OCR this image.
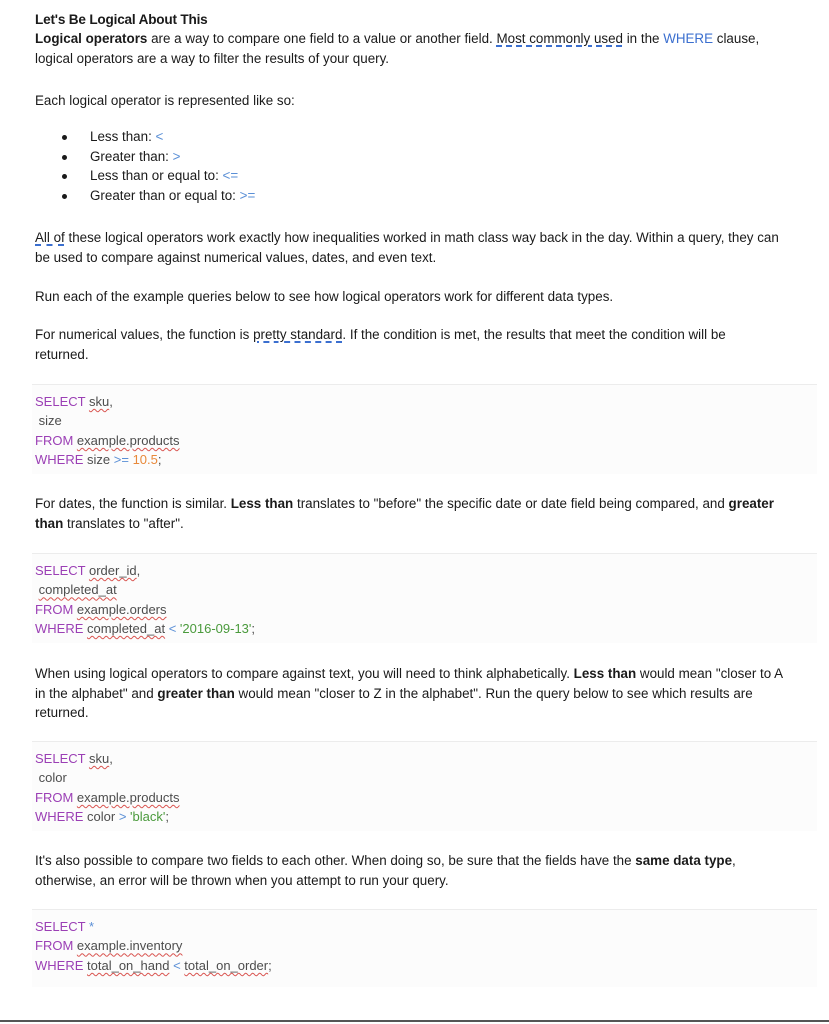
Let's Be Logical About This

Logical operators are a way to compare one field to a value or another field. Most commonly used in the WHERE clause,
logical operators are a way to filter the results of your query.

Each logical operator is represented like so:

Less than: <
Greater than: >
Less than or equal to: <=
Greater than or equal to: >=

All of these logical operators work exactly how inequalities worked in math class way back in the day. Within a query, they can
be used to compare against numerical values, dates, and even text.

Run each of the example queries below to see how logical operators work for different data types.

For numerical values, the function is pretty standard. If the condition is met, the results that meet the condition will be
returned.

SELECT sku,
size
FROM example.products
WHERE size >= 10.5;

For dates, the function is similar. Less than translates to "before" the specific date or date field being compared, and greater
than translates to "after".

SELECT order_id,
completed_at
FROM example.orders
WHERE completed_at < '2016-09-13';

When using logical operators to compare against text, you will need to think alphabetically. Less than would mean "closer to A
in the alphabet" and greater than would mean "closer to Z in the alphabet". Run the query below to see which results are
returned.

SELECT sku,
color
FROM example.products
WHERE color > 'black';

It's also possible to compare two fields to each other. When doing so, be sure that the fields have the same data type,
otherwise, an error will be thrown when you attempt to run your query.

SELECT *
FROM example.inventory
WHERE total_on_hand < total_on_order;
